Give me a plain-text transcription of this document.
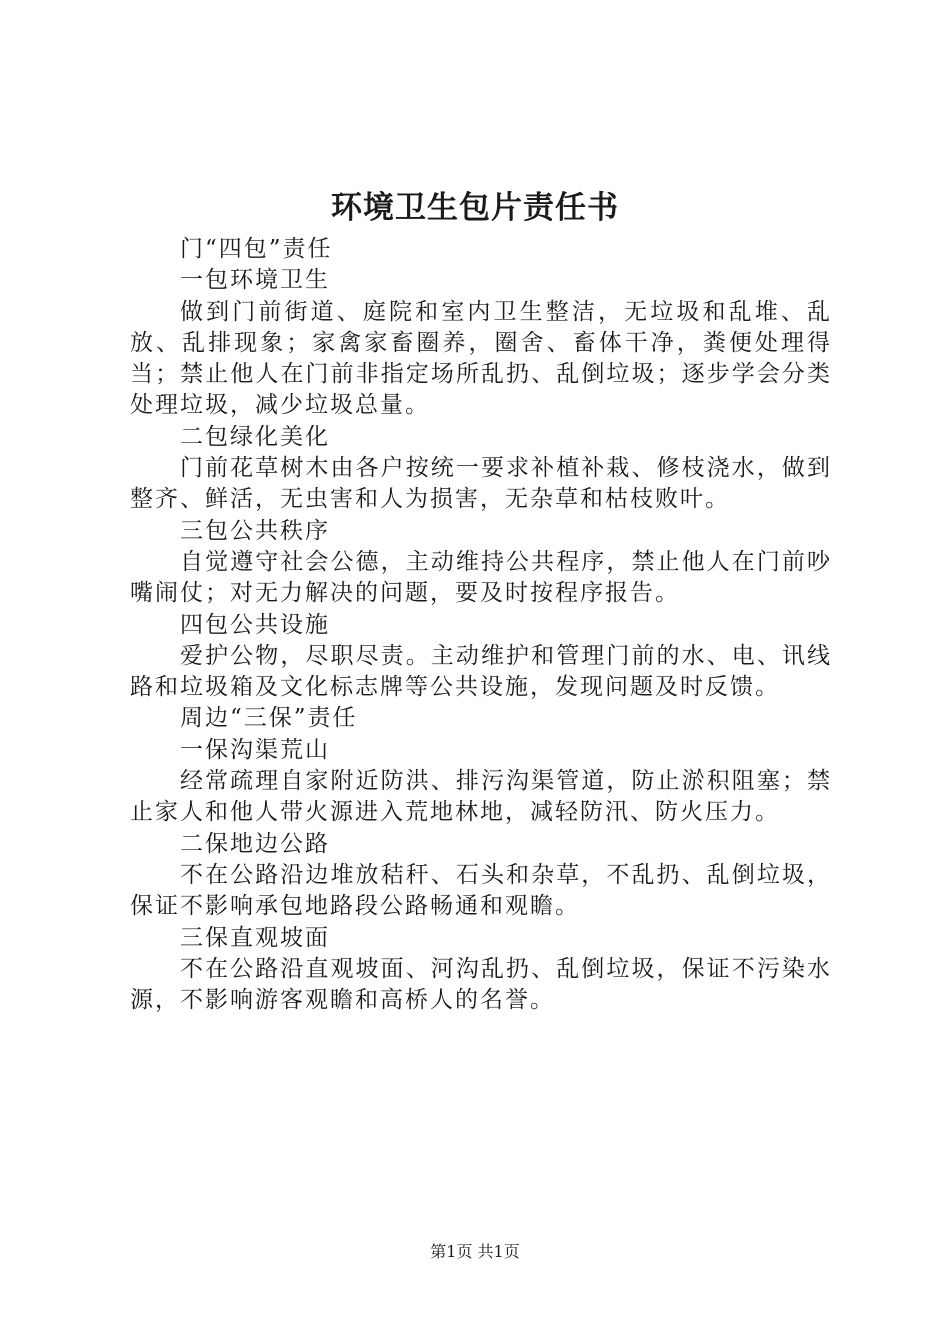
环境卫生包片责任书

门“四包”责任

一包环境卫生

做到门前街道、庭院和室内卫生整洁，无垃圾和乱堆、乱放、乱排现象；家禽家畜圈养，圈舍、畜体干净，粪便处理得当；禁止他人在门前非指定场所乱扔、乱倒垃圾；逐步学会分类处理垃圾，减少垃圾总量。

二包绿化美化

门前花草树木由各户按统一要求补植补栽、修枝浇水，做到整齐、鲜活，无虫害和人为损害，无杂草和枯枝败叶。

三包公共秩序

自觉遵守社会公德，主动维持公共程序，禁止他人在门前吵嘴闹仗；对无力解决的问题，要及时按程序报告。

四包公共设施

爱护公物，尽职尽责。主动维护和管理门前的水、电、讯线路和垃圾箱及文化标志牌等公共设施，发现问题及时反馈。

周边“三保”责任

一保沟渠荒山

经常疏理自家附近防洪、排污沟渠管道，防止淤积阻塞；禁止家人和他人带火源进入荒地林地，减轻防汛、防火压力。

二保地边公路

不在公路沿边堆放秸秆、石头和杂草，不乱扔、乱倒垃圾，保证不影响承包地路段公路畅通和观瞻。

三保直观坡面

不在公路沿直观坡面、河沟乱扔、乱倒垃圾，保证不污染水源，不影响游客观瞻和高桥人的名誉。

第1页 共1页
